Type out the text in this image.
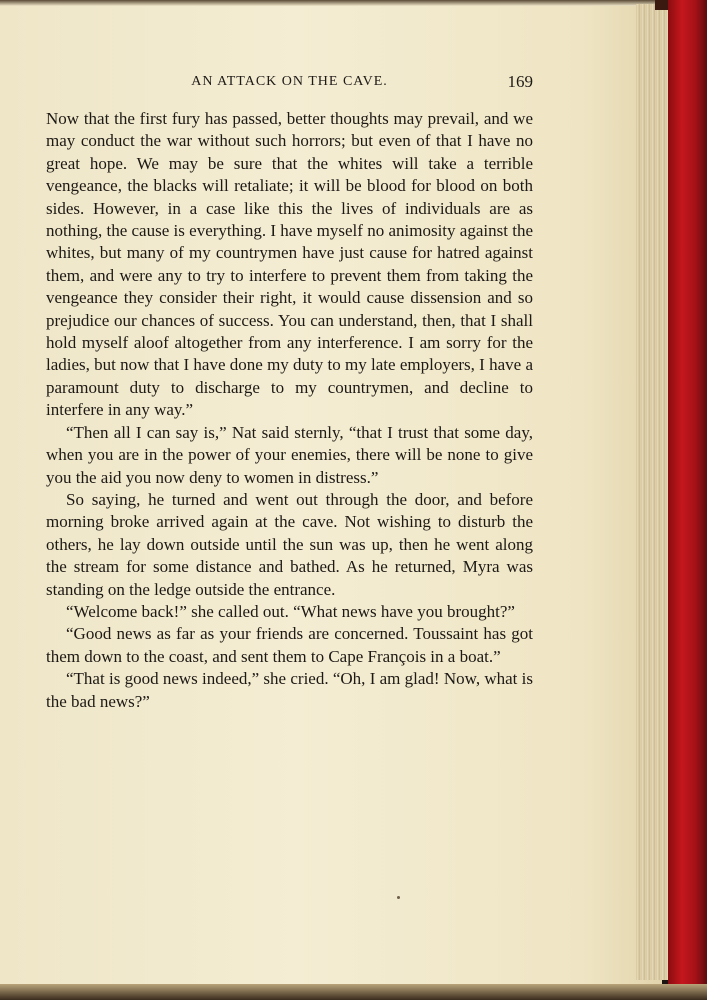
AN ATTACK ON THE CAVE.	169

Now that the first fury has passed, better thoughts may prevail, and we may conduct the war without such horrors; but even of that I have no great hope. We may be sure that the whites will take a terrible vengeance, the blacks will retaliate; it will be blood for blood on both sides. However, in a case like this the lives of individuals are as nothing, the cause is everything. I have myself no animosity against the whites, but many of my countrymen have just cause for hatred against them, and were any to try to interfere to prevent them from taking the vengeance they consider their right, it would cause dissension and so prejudice our chances of success. You can understand, then, that I shall hold myself aloof altogether from any interference. I am sorry for the ladies, but now that I have done my duty to my late employers, I have a paramount duty to discharge to my countrymen, and decline to interfere in any way.”

“Then all I can say is,” Nat said sternly, “that I trust that some day, when you are in the power of your enemies, there will be none to give you the aid you now deny to women in distress.”

So saying, he turned and went out through the door, and before morning broke arrived again at the cave. Not wishing to disturb the others, he lay down outside until the sun was up, then he went along the stream for some distance and bathed. As he returned, Myra was standing on the ledge outside the entrance.

“Welcome back!” she called out. “What news have you brought?”

“Good news as far as your friends are concerned. Toussaint has got them down to the coast, and sent them to Cape François in a boat.”

“That is good news indeed,” she cried. “Oh, I am glad! Now, what is the bad news?”
